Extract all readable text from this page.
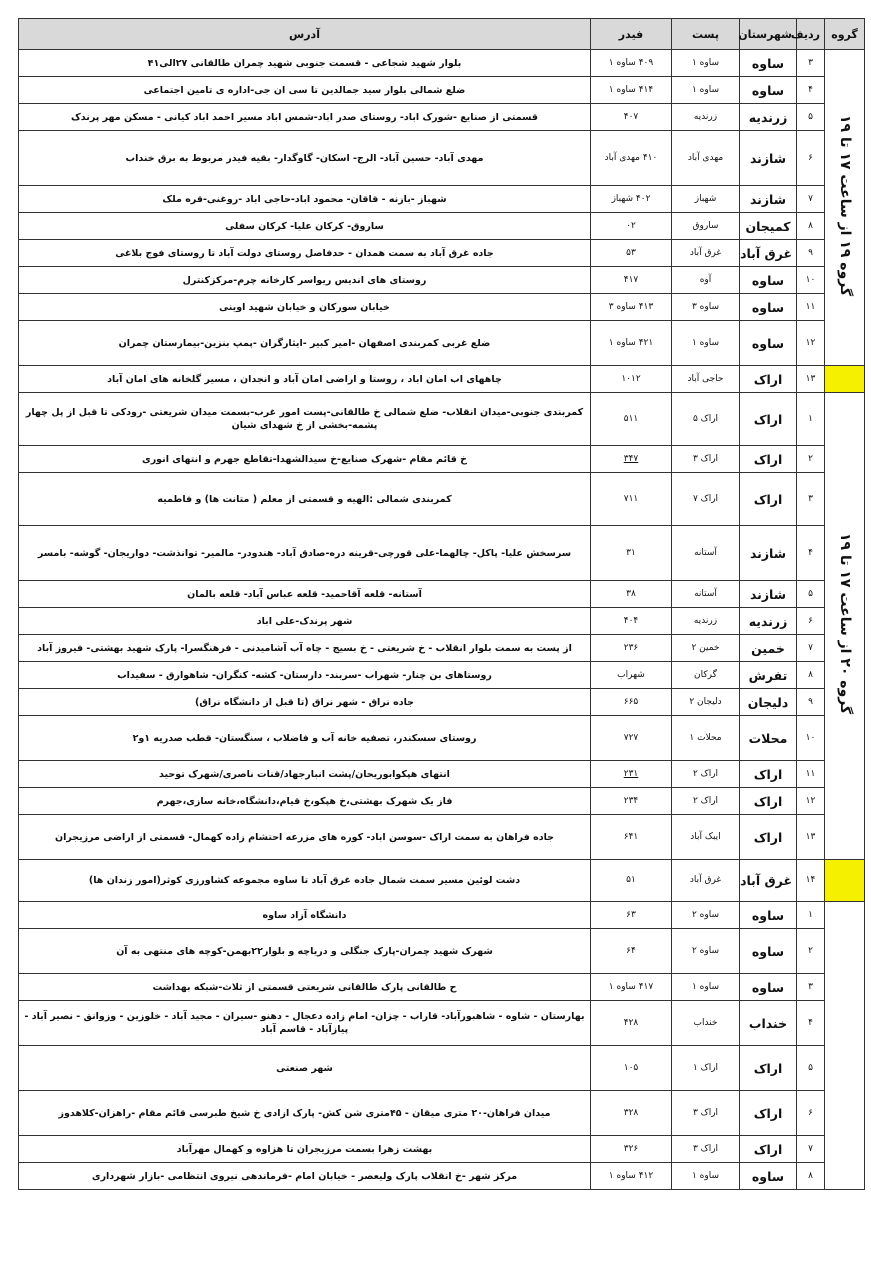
گروه	ردیف	شهرستان	پست	فیدر	آدرس
گروه ۱۹ از ساعت ۱۷ تا ۱۹	۳	ساوه	ساوه ۱	۴۰۹ ساوه ۱	بلوار شهید شجاعی - قسمت جنوبی شهید چمران طالقانی ۲۷الی۴۱
	۴	ساوه	ساوه ۱	۴۱۴ ساوه ۱	ضلع شمالی بلوار سید جمالدین تا سی ان جی-اداره ی تامین اجتماعی
	۵	زرندیه	زرندیه	۴۰۷	قسمتی از صنایع -شورک اباد- روستای صدر اباد-شمس اباد مسیر احمد اباد کیانی - مسکن مهر پرندک
	۶	شازند	مهدی آباد	۴۱۰ مهدی آباد	مهدی آباد- حسین آباد- الرج- اسکان- گاوگدار- بقیه فیدر مربوط به برق خنداب
	۷	شازند	شهباز	۴۰۲ شهباز	شهباز -بازنه - قاقان- محمود اباد-حاجی اباد -روغنی-قره ملک
	۸	کمیجان	ساروق	۰۲	ساروق- کرکان علیا- کرکان سفلی
	۹	غرق آباد	غرق آباد	۵۳	جاده غرق آباد به سمت همدان - حدفاصل روستای دولت آباد تا روستای فوج بلاغی
	۱۰	ساوه	آوه	۴۱۷	روستای های اندیس ریواسر کارخانه چرم-مرکزکنترل
	۱۱	ساوه	ساوه ۳	۴۱۳ ساوه ۳	خیابان سورکان و خیابان شهید اوینی
	۱۲	ساوه	ساوه ۱	۴۲۱ ساوه ۱	ضلع غربی کمربندی اصفهان -امیر کبیر -ایثارگران -پمپ بنزین-بیمارستان چمران
	۱۳	اراک	حاجی آباد	۱۰۱۲	چاههای اب امان اباد ، روستا و اراضی امان آباد و انجدان ، مسیر گلخانه های امان آباد
گروه ۲۰ از ساعت ۱۷ تا ۱۹	۱	اراک	اراک ۵	۵۱۱	کمربندی جنوبی-میدان انقلاب- ضلع شمالی خ طالقانی-پست امور غرب-بسمت میدان شریعتی -رودکی تا قبل از پل چهار پشمه-بخشی از خ شهدای شیان
	۲	اراک	اراک ۳	۳۴۷	خ قائم مقام -شهرک صنایع-خ سیدالشهدا-تقاطع جهرم و انتهای انوری
	۳	اراک	اراک ۷	۷۱۱	کمربندی شمالی :الهیه و قسمتی از معلم ( متانت ها) و فاطمیه
	۴	شازند	آستانه	۳۱	سرسخش علیا- پاکل- چالهما-علی قورچی-قرینه دره-صادق آباد- هندودر- مالمیر- توانذشت- دواریجان- گوشه- بامسر
	۵	شازند	آستانه	۳۸	آستانه- قلعه آقاحمید- قلعه عباس آباد- قلعه بالمان
	۶	زرندیه	زرندیه	۴۰۴	شهر پرندک-علی اباد
	۷	خمین	خمین ۲	۲۳۶	از پست به سمت بلوار انقلاب - خ شریعتی - خ بسیج - چاه آب آشامیدنی - فرهنگسرا- پارک شهید بهشتی- فیروز آباد
	۸	تفرش	گرکان	شهراب	روستاهای بن چنار- شهراب -سربند- دارستان- کشه- کنگران- شاهوارق - سفیداب
	۹	دلیجان	دلیجان ۲	۶۶۵	جاده نراق - شهر نراق (تا قبل از دانشگاه نراق)
	۱۰	محلات	محلات ۱	۷۲۷	روستای سسکندر، تصفیه خانه آب و فاضلاب ، سنگستان- قطب صدریه ۱و۲
	۱۱	اراک	اراک ۲	۲۳۱	انتهای هپکوابوریحان/پشت انبارجهاد/قنات ناصری/شهرک توحید
	۱۲	اراک	اراک ۲	۲۳۴	فاز یک شهرک بهشتی،خ هپکو،خ قیام،دانشگاه،خانه سازی،جهرم
	۱۳	اراک	ایبک آباد	۶۴۱	جاده فراهان به سمت اراک -سوسن اباد- کوره های مزرعه احتشام زاده کهمال- قسمتی از اراضی مرزیجران
	۱۴	غرق آباد	غرق آباد	۵۱	دشت لوئین مسیر سمت شمال جاده غرق آباد تا ساوه مجموعه کشاورزی کوثر(امور زندان ها)
	۱	ساوه	ساوه ۲	۶۳	دانشگاه آزاد ساوه
	۲	ساوه	ساوه ۲	۶۴	شهرک شهید چمران-پارک جنگلی و دریاچه و بلوار۲۲بهمن-کوچه های منتهی به آن
	۳	ساوه	ساوه ۱	۴۱۷ ساوه ۱	ح طالقانی پارک طالقانی شریعتی قسمتی از ثلاث-شبکه بهداشت
	۴	خنداب	خنداب	۴۲۸	بهارستان - شاوه - شاهبورآباد- قاراب - چزان- امام زاده دعجال - دهنو -سیران - مجید آباد - خلوزین - وزوانق - نصیر آباد - پیازآباد - قاسم آباد
	۵	اراک	اراک ۱	۱۰۵	شهر صنعتی
	۶	اراک	اراک ۳	۳۲۸	میدان فراهان-۲۰ متری میقان - ۴۵متری شن کش- پارک ازادی خ شیخ طبرسی قائم مقام -راهزان-کلاهدوز
	۷	اراک	اراک ۳	۳۲۶	بهشت زهرا بسمت مرزیجران تا هزاوه و کهمال مهرآباد
	۸	ساوه	ساوه ۱	۴۱۲ ساوه ۱	مرکز شهر -خ انقلاب پارک ولیعصر - خیابان امام -فرماندهی نیروی انتظامی -بازار شهرداری
